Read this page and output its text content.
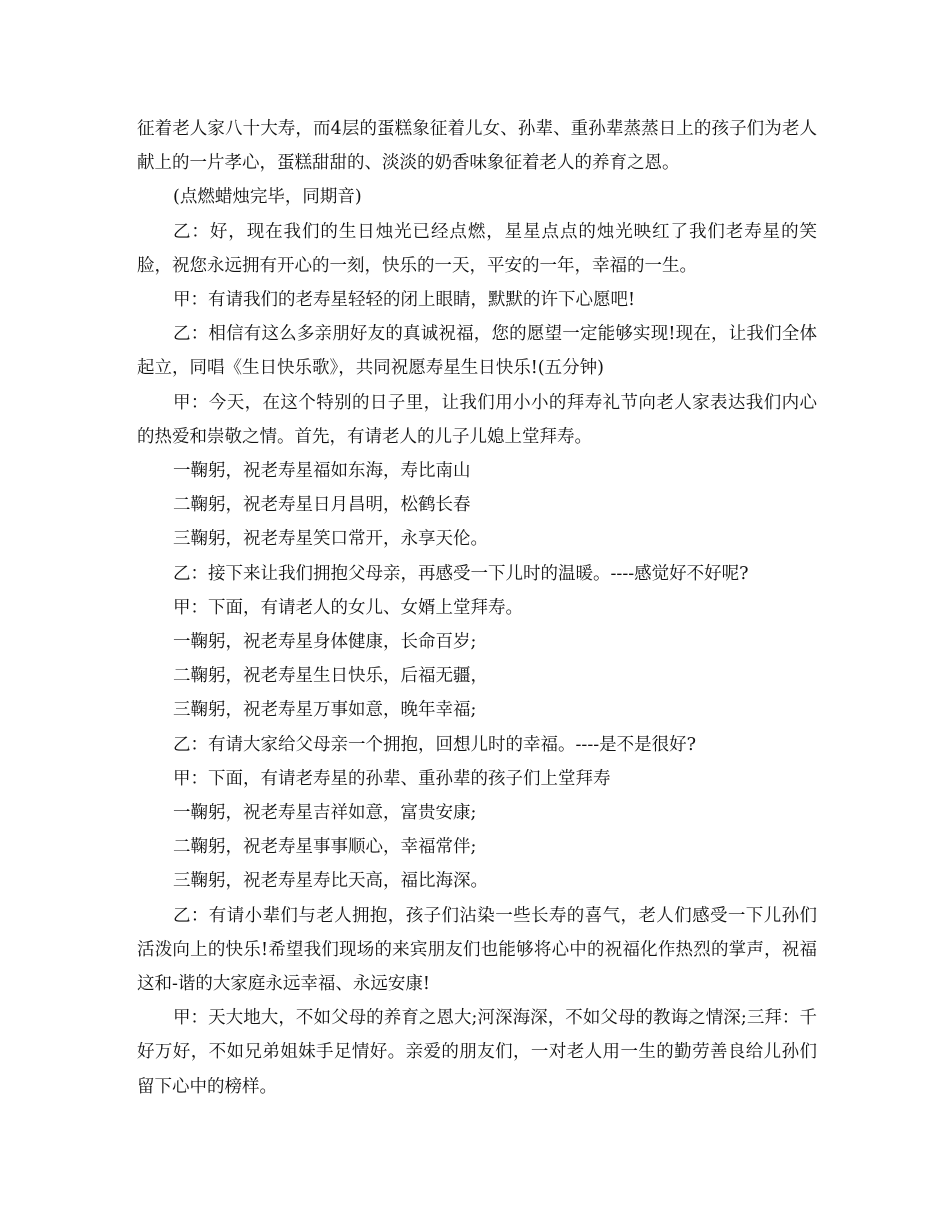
征着老人家八十大寿，而4层的蛋糕象征着儿女、孙辈、重孙辈蒸蒸日上的孩子们为老人献上的一片孝心，蛋糕甜甜的、淡淡的奶香味象征着老人的养育之恩。

(点燃蜡烛完毕，同期音)

乙：好，现在我们的生日烛光已经点燃，星星点点的烛光映红了我们老寿星的笑脸，祝您永远拥有开心的一刻，快乐的一天，平安的一年，幸福的一生。

甲：有请我们的老寿星轻轻的闭上眼睛，默默的许下心愿吧!

乙：相信有这么多亲朋好友的真诚祝福，您的愿望一定能够实现!现在，让我们全体起立，同唱《生日快乐歌》，共同祝愿寿星生日快乐!(五分钟)

甲：今天，在这个特别的日子里，让我们用小小的拜寿礼节向老人家表达我们内心的热爱和崇敬之情。首先，有请老人的儿子儿媳上堂拜寿。

一鞠躬，祝老寿星福如东海，寿比南山

二鞠躬，祝老寿星日月昌明，松鹤长春

三鞠躬，祝老寿星笑口常开，永享天伦。

乙：接下来让我们拥抱父母亲，再感受一下儿时的温暖。----感觉好不好呢?

甲：下面，有请老人的女儿、女婿上堂拜寿。

一鞠躬，祝老寿星身体健康，长命百岁;

二鞠躬，祝老寿星生日快乐，后福无疆，

三鞠躬，祝老寿星万事如意，晚年幸福;

乙：有请大家给父母亲一个拥抱，回想儿时的幸福。----是不是很好?

甲：下面，有请老寿星的孙辈、重孙辈的孩子们上堂拜寿

一鞠躬，祝老寿星吉祥如意，富贵安康;

二鞠躬，祝老寿星事事顺心，幸福常伴;

三鞠躬，祝老寿星寿比天高，福比海深。

乙：有请小辈们与老人拥抱，孩子们沾染一些长寿的喜气，老人们感受一下儿孙们活泼向上的快乐!希望我们现场的来宾朋友们也能够将心中的祝福化作热烈的掌声，祝福这和-谐的大家庭永远幸福、永远安康!

甲：天大地大，不如父母的养育之恩大;河深海深，不如父母的教诲之情深;三拜：千好万好，不如兄弟姐妹手足情好。亲爱的朋友们，一对老人用一生的勤劳善良给儿孙们留下心中的榜样。
